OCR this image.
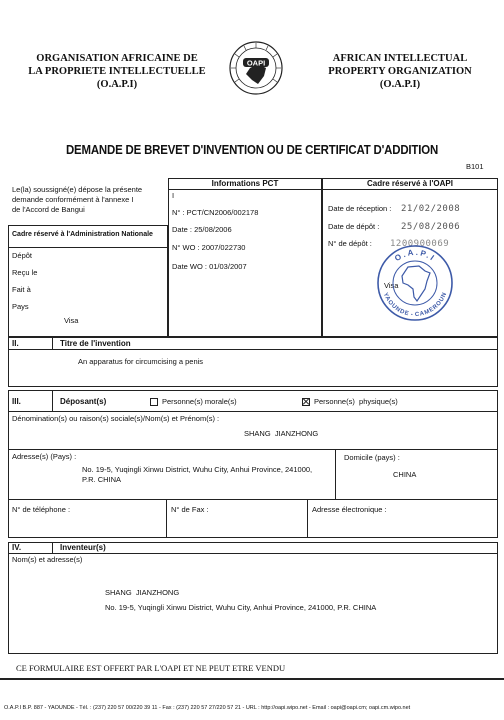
ORGANISATION AFRICAINE DE
LA PROPRIETE INTELLECTUELLE
(O.A.P.I)
OAPI	AFRICAN INTELLECTUAL
PROPERTY ORGANIZATION
(O.A.P.I)
DEMANDE DE BREVET D'INVENTION OU DE CERTIFICAT D'ADDITION
B101
Le(la) soussigné(e) dépose la présente
demande conformément à l'annexe I
de l'Accord de Bangui
Cadre réservé à l'Administration Nationale
Dépôt
Reçu le
Fait à
Pays
Visa
Informations PCT
I
N° : PCT/CN2006/002178
Date : 25/08/2006
N° WO : 2007/022730
Date WO : 01/03/2007
Cadre réservé à l'OAPI
Date de réception : 21/02/2008
Date de dépôt : 25/08/2006
N° de dépôt : 1200900069
Visa
O.A.P.I
YAOUNDE - CAMEROUN
II.	Titre de l'invention
An apparatus for circumcising a penis
III.	Déposant(s)	Personne(s) morale(s)	Personne(s)  physique(s)
Dénomination(s) ou raison(s) sociale(s)/Nom(s) et Prénom(s) :
SHANG  JIANZHONG
Adresse(s) (Pays) :
No. 19-5, Yuqingli Xinwu District, Wuhu City, Anhui Province, 241000,
P.R. CHINA
Domicile (pays) :
CHINA
N° de téléphone :	N° de Fax :	Adresse électronique :
IV.	Inventeur(s)
Nom(s) et adresse(s)
SHANG  JIANZHONG
No. 19-5, Yuqingli Xinwu District, Wuhu City, Anhui Province, 241000, P.R. CHINA
CE FORMULAIRE EST OFFERT PAR L'OAPI ET NE PEUT ETRE VENDU
O.A.P.I B.P. 887 - YAOUNDE - Tél. : (237) 220 57 00/220 39 11 - Fax : (237) 220 57 27/220 57 21 - URL : http://oapi.wipo.net - Email : oapi@oapi.cm; oapi.cm.wipo.net
